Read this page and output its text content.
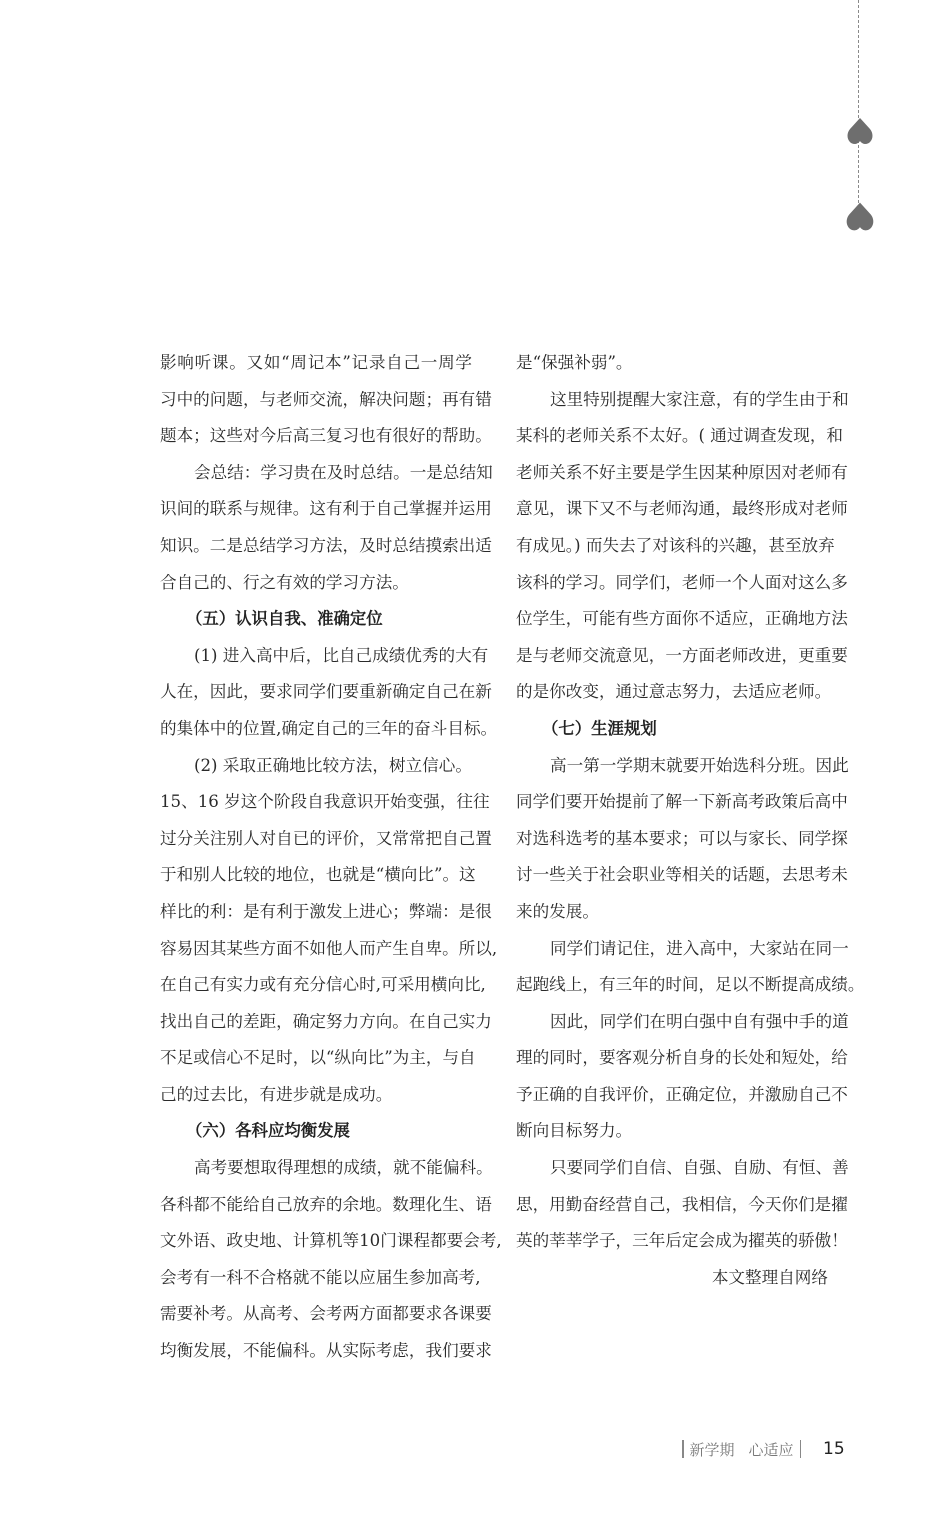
影响听课。又如“周记本”记录自己一周学
习中的问题，与老师交流，解决问题；再有错
题本；这些对今后高三复习也有很好的帮助。
会总结：学习贵在及时总结。一是总结知
识间的联系与规律。这有利于自己掌握并运用
知识。二是总结学习方法，及时总结摸索出适
合自己的、行之有效的学习方法。
（五）认识自我、准确定位
(1) 进入高中后，比自己成绩优秀的大有
人在，因此，要求同学们要重新确定自己在新
的集体中的位置,确定自己的三年的奋斗目标。
(2) 采取正确地比较方法，树立信心。
15、16 岁这个阶段自我意识开始变强，往往
过分关注别人对自已的评价，又常常把自己置
于和别人比较的地位，也就是“横向比”。这
样比的利：是有利于激发上进心；弊端：是很
容易因其某些方面不如他人而产生自卑。所以,
在自己有实力或有充分信心时,可采用横向比,
找出自己的差距，确定努力方向。在自己实力
不足或信心不足时，以“纵向比”为主，与自
己的过去比，有进步就是成功。
（六）各科应均衡发展
高考要想取得理想的成绩，就不能偏科。
各科都不能给自己放弃的余地。数理化生、语
文外语、政史地、计算机等10门课程都要会考,
会考有一科不合格就不能以应届生参加高考,
需要补考。从高考、会考两方面都要求各课要
均衡发展，不能偏科。从实际考虑，我们要求
是“保强补弱”。
这里特别提醒大家注意，有的学生由于和
某科的老师关系不太好。( 通过调查发现，和
老师关系不好主要是学生因某种原因对老师有
意见，课下又不与老师沟通，最终形成对老师
有成见。) 而失去了对该科的兴趣，甚至放弃
该科的学习。同学们，老师一个人面对这么多
位学生，可能有些方面你不适应，正确地方法
是与老师交流意见，一方面老师改进，更重要
的是你改变，通过意志努力，去适应老师。
（七）生涯规划
高一第一学期末就要开始选科分班。因此
同学们要开始提前了解一下新高考政策后高中
对选科选考的基本要求；可以与家长、同学探
讨一些关于社会职业等相关的话题，去思考未
来的发展。
同学们请记住，进入高中，大家站在同一
起跑线上，有三年的时间，足以不断提高成绩。
因此，同学们在明白强中自有强中手的道
理的同时，要客观分析自身的长处和短处，给
予正确的自我评价，正确定位，并激励自己不
断向目标努力。
只要同学们自信、自强、自励、有恒、善
思，用勤奋经营自己，我相信，今天你们是擢
英的莘莘学子，三年后定会成为擢英的骄傲！
本文整理自网络
新学期 心适应 15
